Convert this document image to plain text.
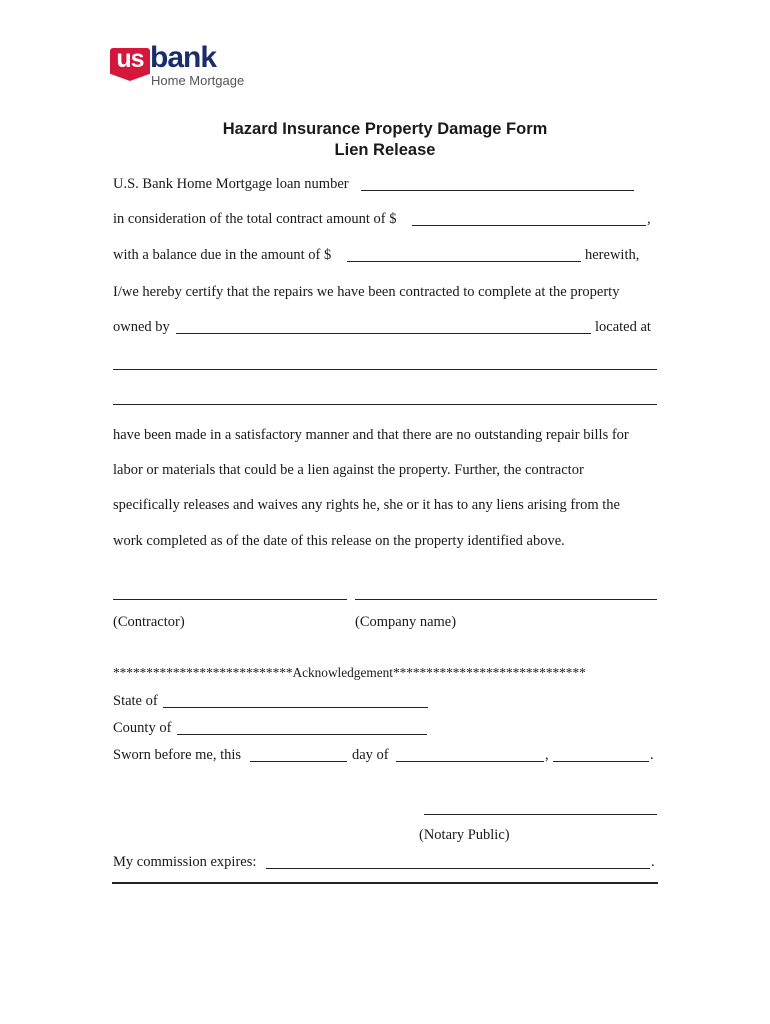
us bank
Home Mortgage
Hazard Insurance Property Damage Form
Lien Release
U.S. Bank Home Mortgage loan number
in consideration of the total contract amount of $	,
with a balance due in the amount of $	herewith,
I/we hereby certify that the repairs we have been contracted to complete at the property
owned by	located at
have been made in a satisfactory manner and that there are no outstanding repair bills for
labor or materials that could be a lien against the property. Further, the contractor
specifically releases and waives any rights he, she or it has to any liens arising from the
work completed as of the date of this release on the property identified above.
(Contractor)	(Company name)
***************************Acknowledgement*****************************
State of
County of
Sworn before me, this	day of	,	.
(Notary Public)
My commission expires:	.
